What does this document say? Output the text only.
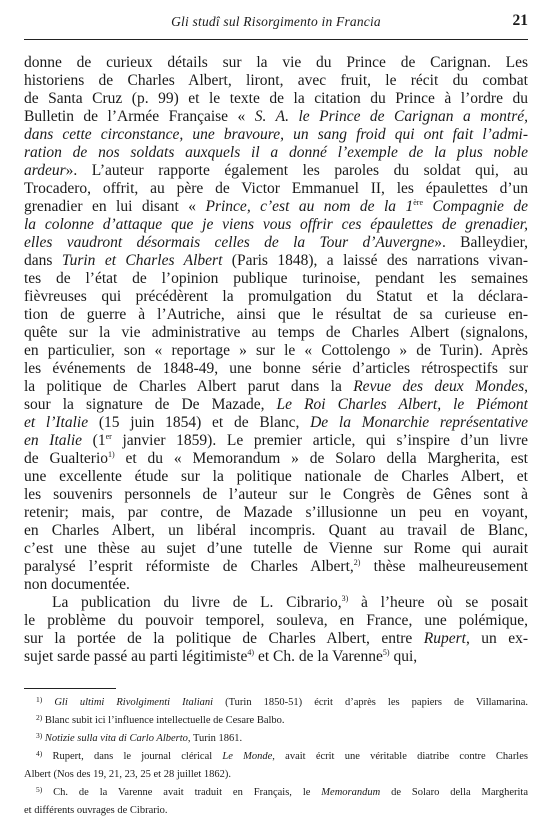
Gli studî sul Risorgimento in Francia	21
donne de curieux détails sur la vie du Prince de Carignan. Les
historiens de Charles Albert, liront, avec fruit, le récit du combat
de Santa Cruz (p. 99) et le texte de la citation du Prince à l’ordre du
Bulletin de l’Armée Française « S. A. le Prince de Carignan a montré,
dans cette circonstance, une bravoure, un sang froid qui ont fait l’admi-
ration de nos soldats auxquels il a donné l’exemple de la plus noble
ardeur». L’auteur rapporte également les paroles du soldat qui, au
Trocadero, offrit, au père de Victor Emmanuel II, les épaulettes d’un
grenadier en lui disant « Prince, c’est au nom de la 1ère Compagnie de
la colonne d’attaque que je viens vous offrir ces épaulettes de grenadier,
elles vaudront désormais celles de la Tour d’Auvergne». Balleydier,
dans Turin et Charles Albert (Paris 1848), a laissé des narrations vivan-
tes de l’état de l’opinion publique turinoise, pendant les semaines
fièvreuses qui précédèrent la promulgation du Statut et la déclara-
tion de guerre à l’Autriche, ainsi que le résultat de sa curieuse en-
quête sur la vie administrative au temps de Charles Albert (signalons,
en particulier, son « reportage » sur le « Cottolengo » de Turin). Après
les événements de 1848-49, une bonne série d’articles rétrospectifs sur
la politique de Charles Albert parut dans la Revue des deux Mondes,
sour la signature de De Mazade, Le Roi Charles Albert, le Piémont
et l’Italie (15 juin 1854) et de Blanc, De la Monarchie représentative
en Italie (1er janvier 1859). Le premier article, qui s’inspire d’un livre
de Gualterio$^{1)}$ et du « Memorandum » de Solaro della Margherita, est
une excellente étude sur la politique nationale de Charles Albert, et
les souvenirs personnels de l’auteur sur le Congrès de Gênes sont à
retenir; mais, par contre, de Mazade s’illusionne un peu en voyant,
en Charles Albert, un libéral incompris. Quant au travail de Blanc,
c’est une thèse au sujet d’une tutelle de Vienne sur Rome qui aurait
paralysé l’esprit réformiste de Charles Albert,$^{2)}$ thèse malheureusement
non documentée.
La publication du livre de L. Cibrario,$^{3)}$ à l’heure où se posait
le problème du pouvoir temporel, souleva, en France, une polémique,
sur la portée de la politique de Charles Albert, entre Rupert, un ex-
sujet sarde passé au parti légitimiste$^{4)}$ et Ch. de la Varenne$^{5)}$ qui,
$^{1)}$ Gli ultimi Rivolgimenti Italiani (Turin 1850-51) écrit d’après les papiers de Villamarina.
$^{2)}$ Blanc subit ici l’influence intellectuelle de Cesare Balbo.
$^{3)}$ Notizie sulla vita di Carlo Alberto, Turin 1861.
$^{4)}$ Rupert, dans le journal clérical Le Monde, avait écrit une véritable diatribe contre Charles
Albert (Nos des 19, 21, 23, 25 et 28 juillet 1862).
$^{5)}$ Ch. de la Varenne avait traduit en Français, le Memorandum de Solaro della Margherita
et différents ouvrages de Cibrario.
